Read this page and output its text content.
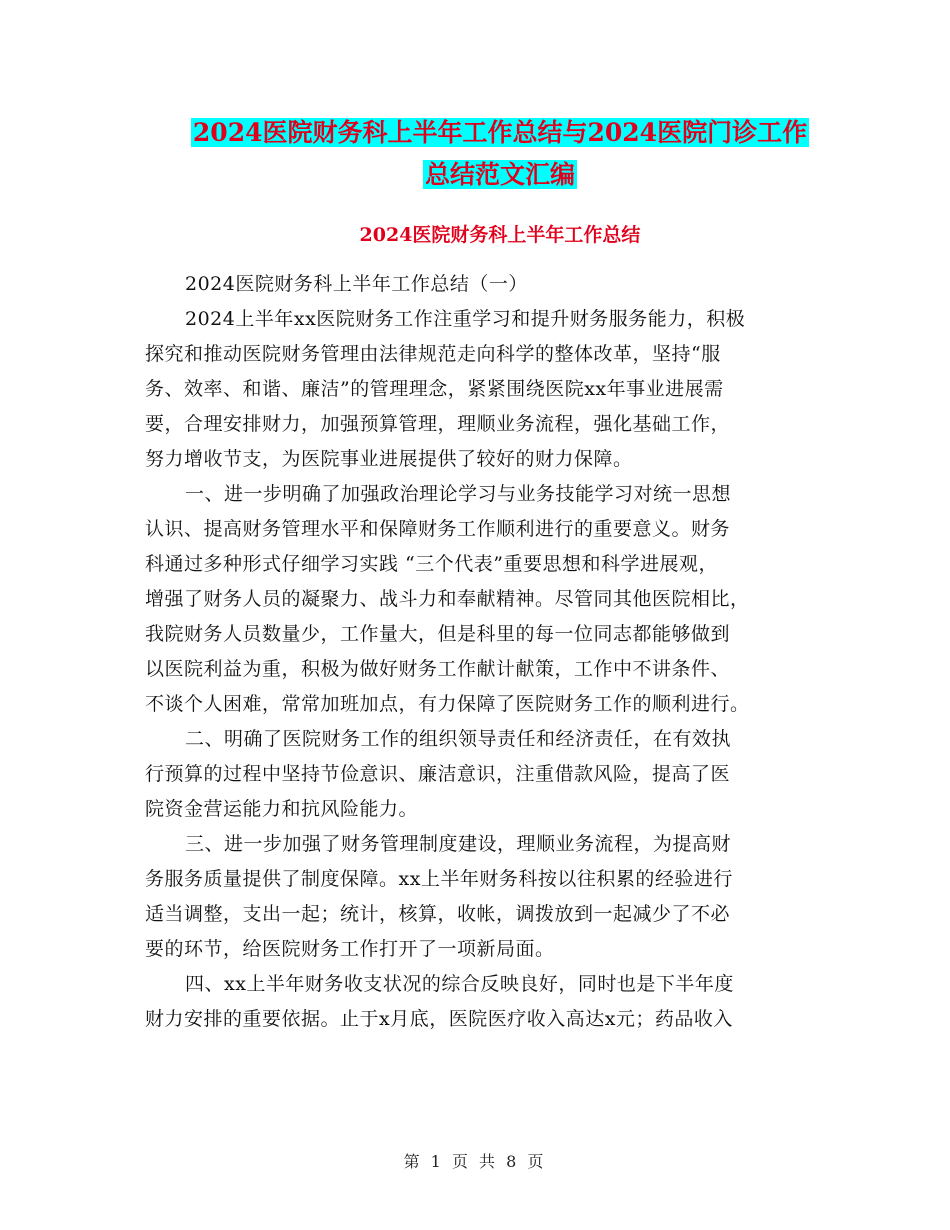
2024医院财务科上半年工作总结与2024医院门诊工作
总结范文汇编
2024医院财务科上半年工作总结
2024医院财务科上半年工作总结（一）
2024上半年xx医院财务工作注重学习和提升财务服务能力，积极
探究和推动医院财务管理由法律规范走向科学的整体改革，坚持“服
务、效率、和谐、廉洁”的管理理念，紧紧围绕医院xx年事业进展需
要，合理安排财力，加强预算管理，理顺业务流程，强化基础工作，
努力增收节支，为医院事业进展提供了较好的财力保障。
一、进一步明确了加强政治理论学习与业务技能学习对统一思想
认识、提高财务管理水平和保障财务工作顺利进行的重要意义。财务
科通过多种形式仔细学习实践 “三个代表”重要思想和科学进展观，
增强了财务人员的凝聚力、战斗力和奉献精神。尽管同其他医院相比，
我院财务人员数量少，工作量大，但是科里的每一位同志都能够做到
以医院利益为重，积极为做好财务工作献计献策，工作中不讲条件、
不谈个人困难，常常加班加点，有力保障了医院财务工作的顺利进行。
二、明确了医院财务工作的组织领导责任和经济责任，在有效执
行预算的过程中坚持节俭意识、廉洁意识，注重借款风险，提高了医
院资金营运能力和抗风险能力。
三、进一步加强了财务管理制度建设，理顺业务流程，为提高财
务服务质量提供了制度保障。xx上半年财务科按以往积累的经验进行
适当调整，支出一起；统计，核算，收帐，调拨放到一起减少了不必
要的环节，给医院财务工作打开了一项新局面。
四、xx上半年财务收支状况的综合反映良好，同时也是下半年度
财力安排的重要依据。止于x月底，医院医疗收入高达x元；药品收入
第 1 页 共 8 页
